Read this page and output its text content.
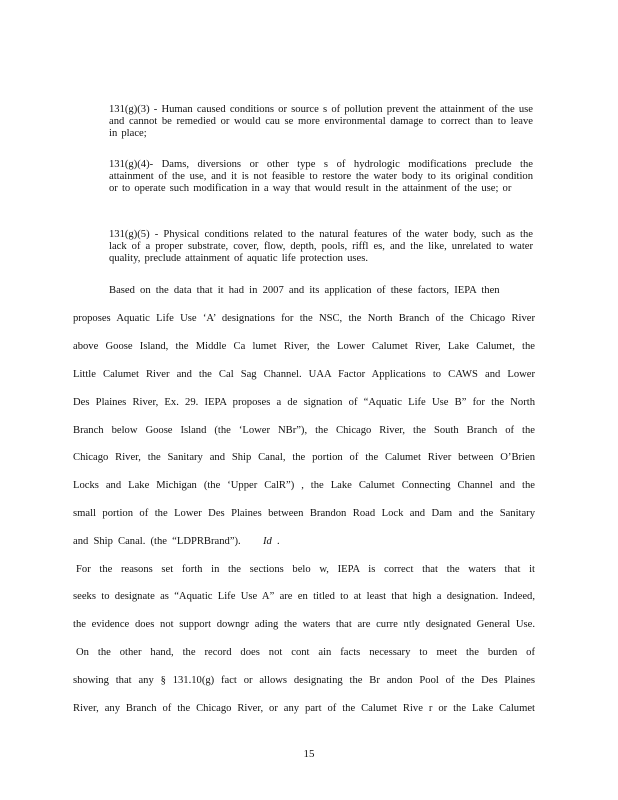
131(g)(3) - Human caused conditions or source s of pollution prevent the attainment of the use and cannot be remedied or would cau se more environmental damage to correct than to leave in place;
131(g)(4)- Dams, diversions or other type s of hydrologic modifications preclude the attainment of the use, and it is not feasible to restore the water body to its original condition or to operate such modification in a way that would result in the attainment of the use; or
131(g)(5) - Physical conditions related to the natural features of the water body, such as the lack of a proper substrate, cover, flow, depth, pools, riffl es, and the like, unrelated to water quality, preclude attainment of aquatic life protection uses.
Based on the data that it had in 2007 and its application of these factors, IEPA then
proposes Aquatic Life Use ‘A’ designations for the NSC, the North Branch of the Chicago River
above Goose Island, the Middle Ca lumet River, the Lower Calumet River, Lake Calumet, the
Little Calumet River and the Cal Sag Channel. UAA Factor Applications to CAWS and Lower
Des Plaines River, Ex. 29. IEPA proposes a de signation of “Aquatic Life Use B” for the North
Branch below Goose Island (the ‘Lower NBr”), the Chicago River, the South Branch of the
Chicago River, the Sanitary and Ship Canal, the portion of the Calumet River between O’Brien
Locks and Lake Michigan (the ‘Upper CalR”) , the Lake Calumet Connecting Channel and the
small portion of the Lower Des Plaines between Brandon Road Lock and Dam and the Sanitary
and Ship Canal. (the “LDPRBrand”). Id .
For the reasons set forth in the sections belo w, IEPA is correct that the waters that it
seeks to designate as “Aquatic Life Use A” are en titled to at least that high a designation. Indeed,
the evidence does not support downgr ading the waters that are curre ntly designated General Use.
On the other hand, the record does not cont ain facts necessary to meet the burden of
showing that any § 131.10(g) fact or allows designating the Br andon Pool of the Des Plaines
River, any Branch of the Chicago River, or any part of the Calumet Rive r or the Lake Calumet
15
